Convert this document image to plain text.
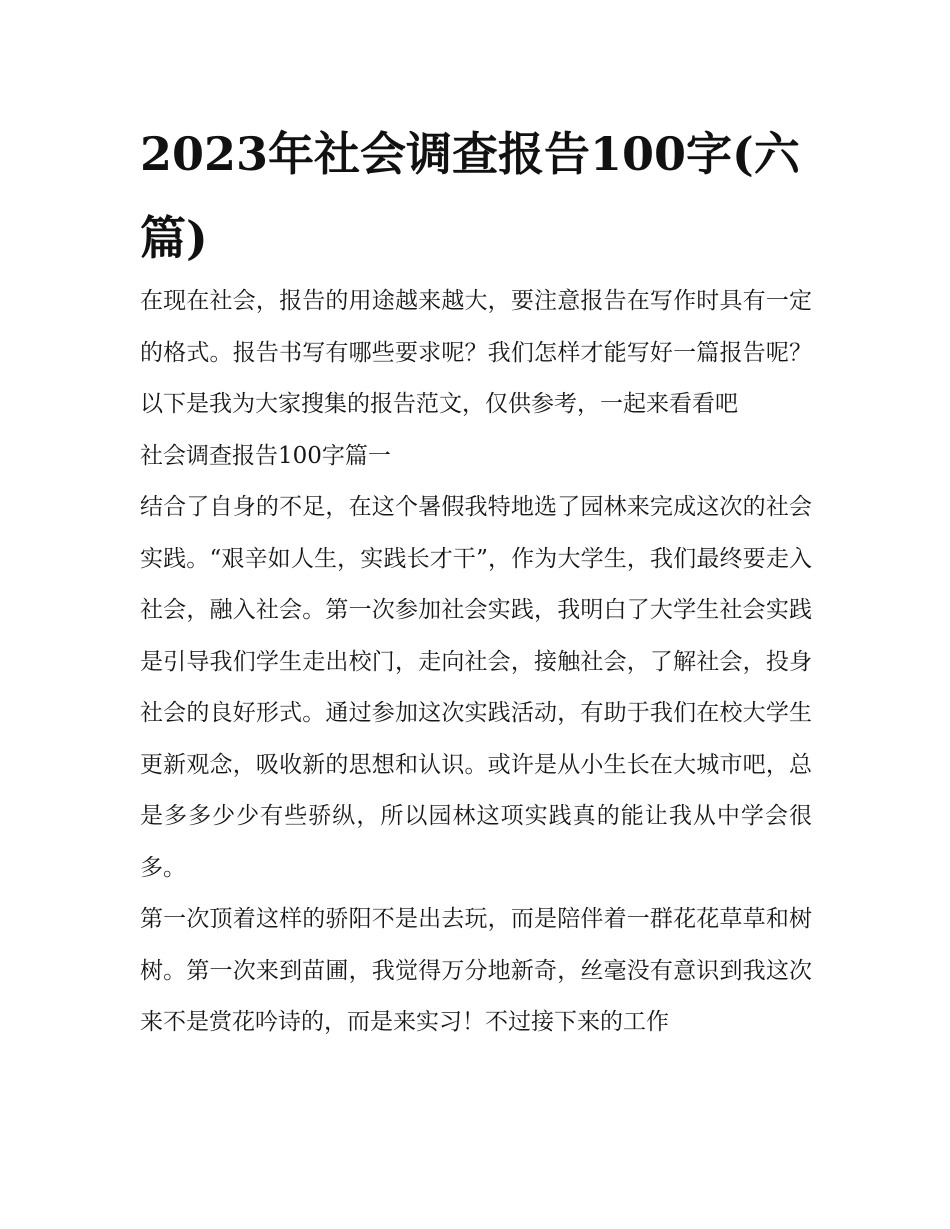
2023年社会调查报告100字(六篇)

在现在社会，报告的用途越来越大，要注意报告在写作时具有一定的格式。报告书写有哪些要求呢？我们怎样才能写好一篇报告呢？以下是我为大家搜集的报告范文，仅供参考，一起来看看吧

社会调查报告100字篇一

结合了自身的不足，在这个暑假我特地选了园林来完成这次的社会实践。“艰辛如人生，实践长才干”，作为大学生，我们最终要走入社会，融入社会。第一次参加社会实践，我明白了大学生社会实践是引导我们学生走出校门，走向社会，接触社会，了解社会，投身社会的良好形式。通过参加这次实践活动，有助于我们在校大学生更新观念，吸收新的思想和认识。或许是从小生长在大城市吧，总是多多少少有些骄纵，所以园林这项实践真的能让我从中学会很多。

第一次顶着这样的骄阳不是出去玩，而是陪伴着一群花花草草和树树。第一次来到苗圃，我觉得万分地新奇，丝毫没有意识到我这次来不是赏花吟诗的，而是来实习！不过接下来的工作
